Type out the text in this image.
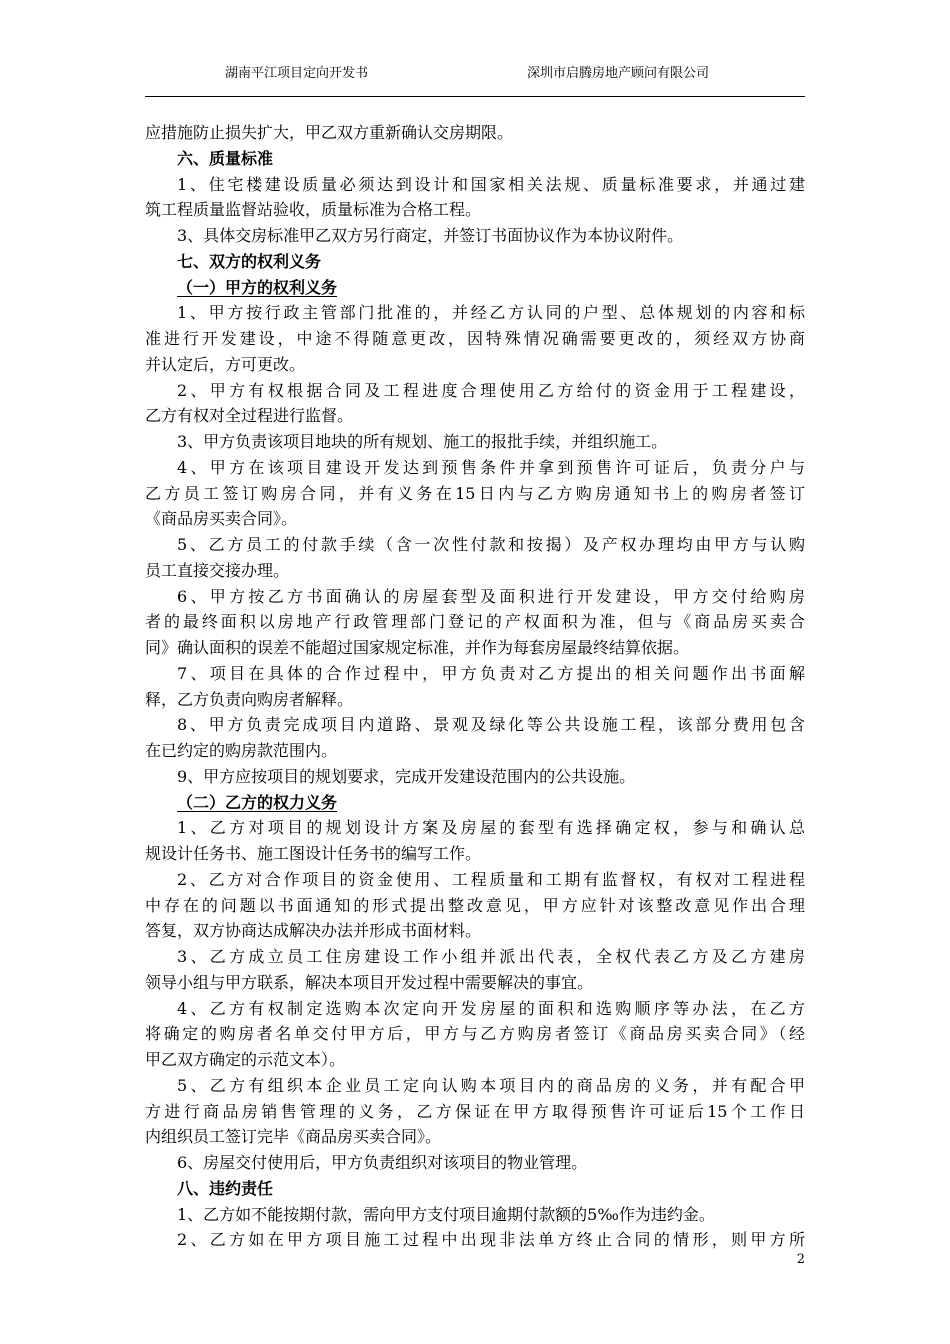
湖南平江项目定向开发书	深圳市启腾房地产顾问有限公司
应措施防止损失扩大，甲乙双方重新确认交房期限。
六、质量标准
1、住宅楼建设质量必须达到设计和国家相关法规、质量标准要求，并通过建
筑工程质量监督站验收，质量标准为合格工程。
3、具体交房标准甲乙双方另行商定，并签订书面协议作为本协议附件。
七、双方的权利义务
（一）甲方的权利义务
1、甲方按行政主管部门批准的，并经乙方认同的户型、总体规划的内容和标
准进行开发建设，中途不得随意更改，因特殊情况确需要更改的，须经双方协商
并认定后，方可更改。
2、甲方有权根据合同及工程进度合理使用乙方给付的资金用于工程建设，
乙方有权对全过程进行监督。
3、甲方负责该项目地块的所有规划、施工的报批手续，并组织施工。
4、甲方在该项目建设开发达到预售条件并拿到预售许可证后，负责分户与
乙方员工签订购房合同，并有义务在15日内与乙方购房通知书上的购房者签订
《商品房买卖合同》。
5、乙方员工的付款手续（含一次性付款和按揭）及产权办理均由甲方与认购
员工直接交接办理。
6、甲方按乙方书面确认的房屋套型及面积进行开发建设，甲方交付给购房
者的最终面积以房地产行政管理部门登记的产权面积为准，但与《商品房买卖合
同》确认面积的误差不能超过国家规定标准，并作为每套房屋最终结算依据。
7、项目在具体的合作过程中，甲方负责对乙方提出的相关问题作出书面解
释，乙方负责向购房者解释。
8、甲方负责完成项目内道路、景观及绿化等公共设施工程，该部分费用包含
在已约定的购房款范围内。
9、甲方应按项目的规划要求，完成开发建设范围内的公共设施。
（二）乙方的权力义务
1、乙方对项目的规划设计方案及房屋的套型有选择确定权，参与和确认总
规设计任务书、施工图设计任务书的编写工作。
2、乙方对合作项目的资金使用、工程质量和工期有监督权，有权对工程进程
中存在的问题以书面通知的形式提出整改意见，甲方应针对该整改意见作出合理
答复，双方协商达成解决办法并形成书面材料。
3、乙方成立员工住房建设工作小组并派出代表，全权代表乙方及乙方建房
领导小组与甲方联系，解决本项目开发过程中需要解决的事宜。
4、乙方有权制定选购本次定向开发房屋的面积和选购顺序等办法，在乙方
将确定的购房者名单交付甲方后，甲方与乙方购房者签订《商品房买卖合同》（经
甲乙双方确定的示范文本）。
5、乙方有组织本企业员工定向认购本项目内的商品房的义务，并有配合甲
方进行商品房销售管理的义务，乙方保证在甲方取得预售许可证后15个工作日
内组织员工签订完毕《商品房买卖合同》。
6、房屋交付使用后，甲方负责组织对该项目的物业管理。
八、违约责任
1、乙方如不能按期付款，需向甲方支付项目逾期付款额的5‰作为违约金。
2、乙方如在甲方项目施工过程中出现非法单方终止合同的情形，则甲方所
2
